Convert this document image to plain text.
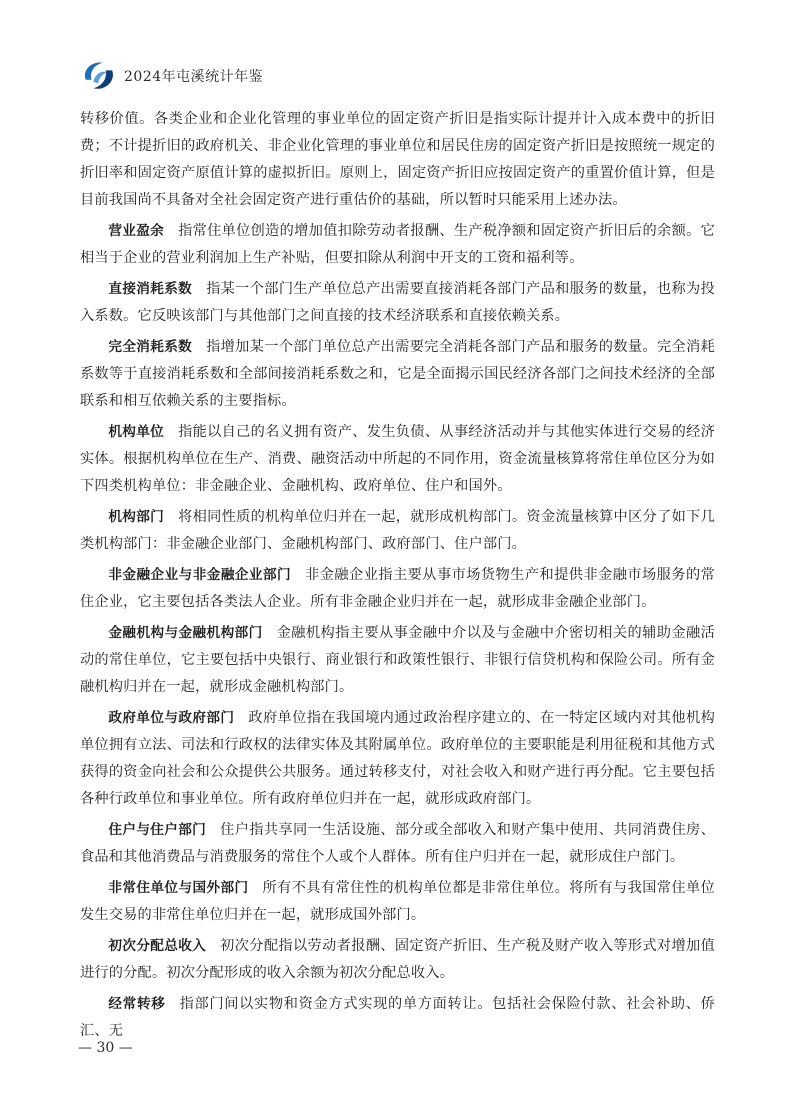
2024年屯溪统计年鉴

转移价值。各类企业和企业化管理的事业单位的固定资产折旧是指实际计提并计入成本费中的折旧费；不计提折旧的政府机关、非企业化管理的事业单位和居民住房的固定资产折旧是按照统一规定的折旧率和固定资产原值计算的虚拟折旧。原则上，固定资产折旧应按固定资产的重置价值计算，但是目前我国尚不具备对全社会固定资产进行重估价的基础，所以暂时只能采用上述办法。

营业盈余 指常住单位创造的增加值扣除劳动者报酬、生产税净额和固定资产折旧后的余额。它相当于企业的营业利润加上生产补贴，但要扣除从利润中开支的工资和福利等。

直接消耗系数 指某一个部门生产单位总产出需要直接消耗各部门产品和服务的数量，也称为投入系数。它反映该部门与其他部门之间直接的技术经济联系和直接依赖关系。

完全消耗系数 指增加某一个部门单位总产出需要完全消耗各部门产品和服务的数量。完全消耗系数等于直接消耗系数和全部间接消耗系数之和，它是全面揭示国民经济各部门之间技术经济的全部联系和相互依赖关系的主要指标。

机构单位 指能以自己的名义拥有资产、发生负债、从事经济活动并与其他实体进行交易的经济实体。根据机构单位在生产、消费、融资活动中所起的不同作用，资金流量核算将常住单位区分为如下四类机构单位：非金融企业、金融机构、政府单位、住户和国外。

机构部门 将相同性质的机构单位归并在一起，就形成机构部门。资金流量核算中区分了如下几类机构部门：非金融企业部门、金融机构部门、政府部门、住户部门。

非金融企业与非金融企业部门 非金融企业指主要从事市场货物生产和提供非金融市场服务的常住企业，它主要包括各类法人企业。所有非金融企业归并在一起，就形成非金融企业部门。

金融机构与金融机构部门 金融机构指主要从事金融中介以及与金融中介密切相关的辅助金融活动的常住单位，它主要包括中央银行、商业银行和政策性银行、非银行信贷机构和保险公司。所有金融机构归并在一起，就形成金融机构部门。

政府单位与政府部门 政府单位指在我国境内通过政治程序建立的、在一特定区域内对其他机构单位拥有立法、司法和行政权的法律实体及其附属单位。政府单位的主要职能是利用征税和其他方式获得的资金向社会和公众提供公共服务。通过转移支付，对社会收入和财产进行再分配。它主要包括各种行政单位和事业单位。所有政府单位归并在一起，就形成政府部门。

住户与住户部门 住户指共享同一生活设施、部分或全部收入和财产集中使用、共同消费住房、食品和其他消费品与消费服务的常住个人或个人群体。所有住户归并在一起，就形成住户部门。

非常住单位与国外部门 所有不具有常住性的机构单位都是非常住单位。将所有与我国常住单位发生交易的非常住单位归并在一起，就形成国外部门。

初次分配总收入 初次分配指以劳动者报酬、固定资产折旧、生产税及财产收入等形式对增加值进行的分配。初次分配形成的收入余额为初次分配总收入。

经常转移 指部门间以实物和资金方式实现的单方面转让。包括社会保险付款、社会补助、侨汇、无

— 30 —
